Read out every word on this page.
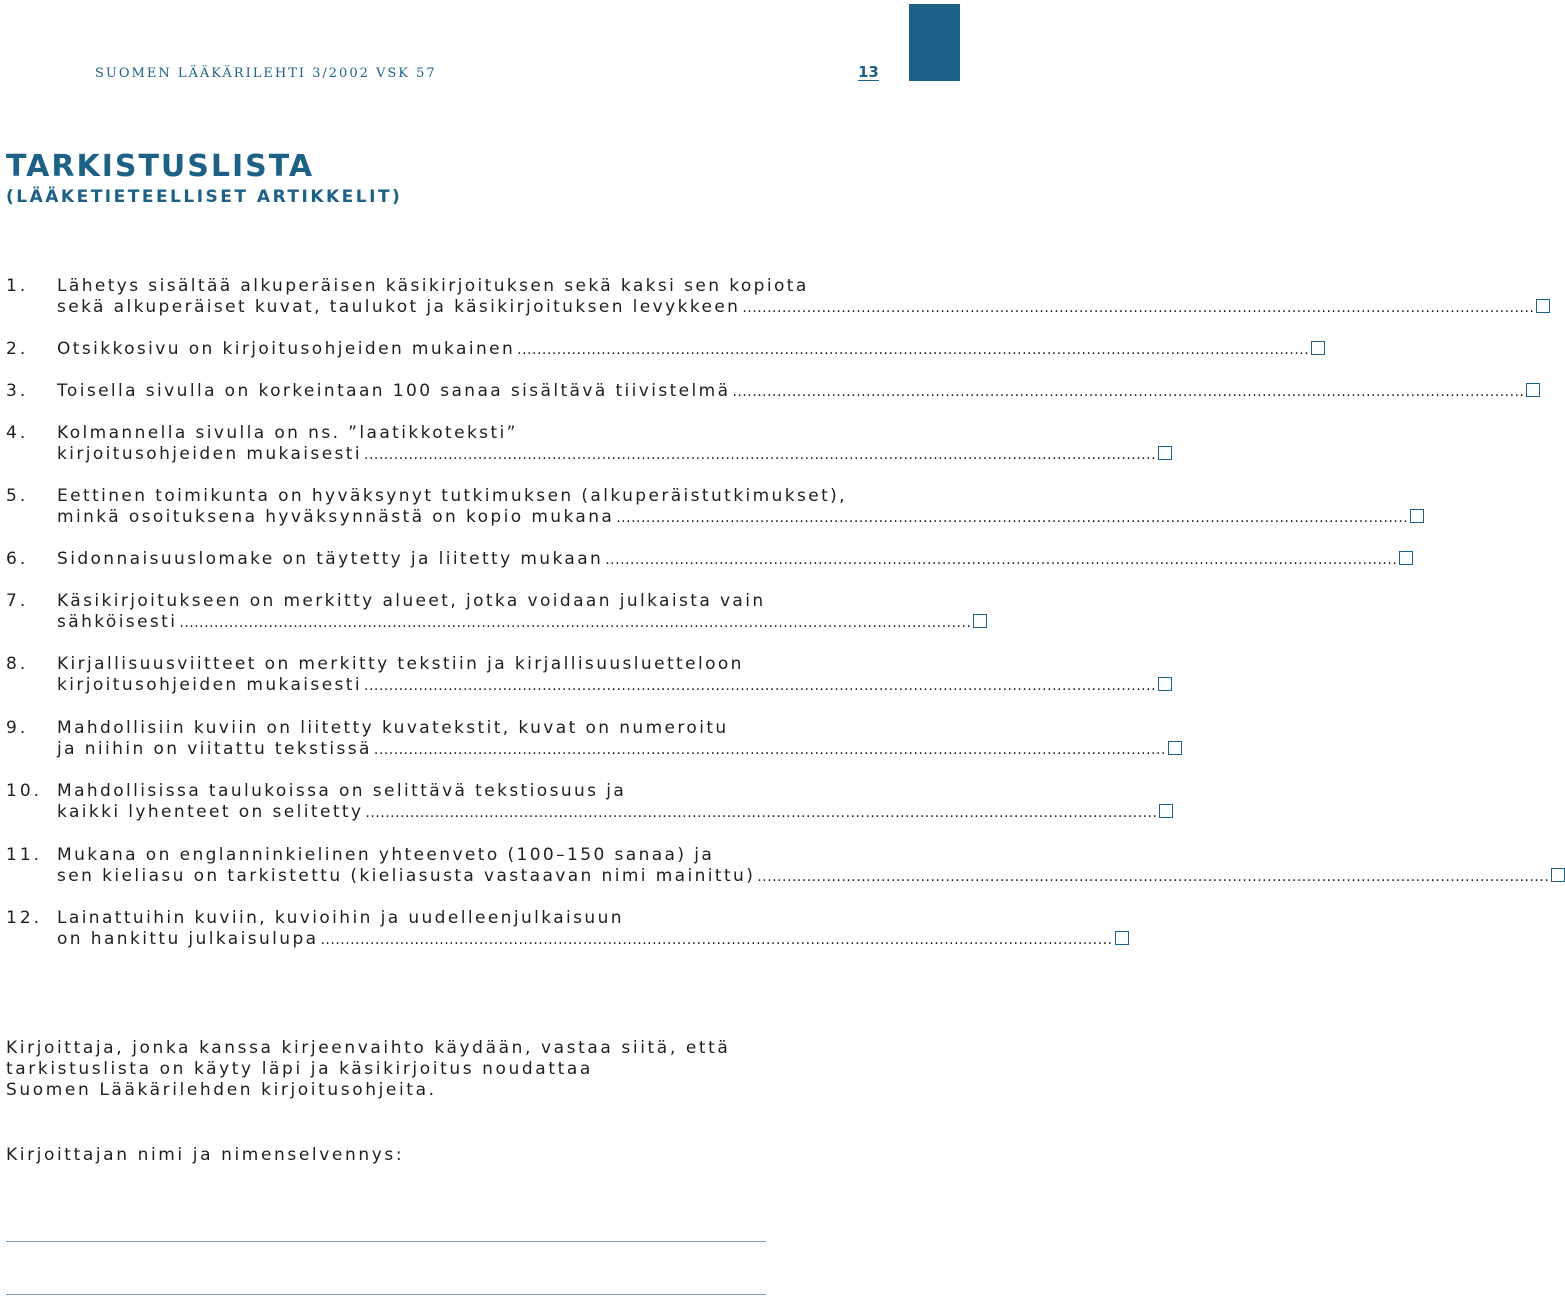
SUOMEN LÄÄKÄRILEHTI 3/2002 VSK 57	13
TARKISTUSLISTA
(LÄÄKETIETEELLISET ARTIKKELIT)
1. Lähetys sisältää alkuperäisen käsikirjoituksen sekä kaksi sen kopiota
sekä alkuperäiset kuvat, taulukot ja käsikirjoituksen levykkeen ................................................................................................................................................................
2. Otsikkosivu on kirjoitusohjeiden mukainen ................................................................................................................................................................
3. Toisella sivulla on korkeintaan 100 sanaa sisältävä tiivistelmä ................................................................................................................................................................
4. Kolmannella sivulla on ns. ”laatikkoteksti”
kirjoitusohjeiden mukaisesti ................................................................................................................................................................
5. Eettinen toimikunta on hyväksynyt tutkimuksen (alkuperäistutkimukset),
minkä osoituksena hyväksynnästä on kopio mukana ................................................................................................................................................................
6. Sidonnaisuuslomake on täytetty ja liitetty mukaan ................................................................................................................................................................
7. Käsikirjoitukseen on merkitty alueet, jotka voidaan julkaista vain
sähköisesti ................................................................................................................................................................
8. Kirjallisuusviitteet on merkitty tekstiin ja kirjallisuusluetteloon
kirjoitusohjeiden mukaisesti ................................................................................................................................................................
9. Mahdollisiin kuviin on liitetty kuvatekstit, kuvat on numeroitu
ja niihin on viitattu tekstissä ................................................................................................................................................................
10. Mahdollisissa taulukoissa on selittävä tekstiosuus ja
kaikki lyhenteet on selitetty ................................................................................................................................................................
11. Mukana on englanninkielinen yhteenveto (100–150 sanaa) ja
sen kieliasu on tarkistettu (kieliasusta vastaavan nimi mainittu) ................................................................................................................................................................
12. Lainattuihin kuviin, kuvioihin ja uudelleenjulkaisuun
on hankittu julkaisulupa ................................................................................................................................................................
Kirjoittaja, jonka kanssa kirjeenvaihto käydään, vastaa siitä, että
tarkistuslista on käyty läpi ja käsikirjoitus noudattaa
Suomen Lääkärilehden kirjoitusohjeita.
Kirjoittajan nimi ja nimenselvennys:
